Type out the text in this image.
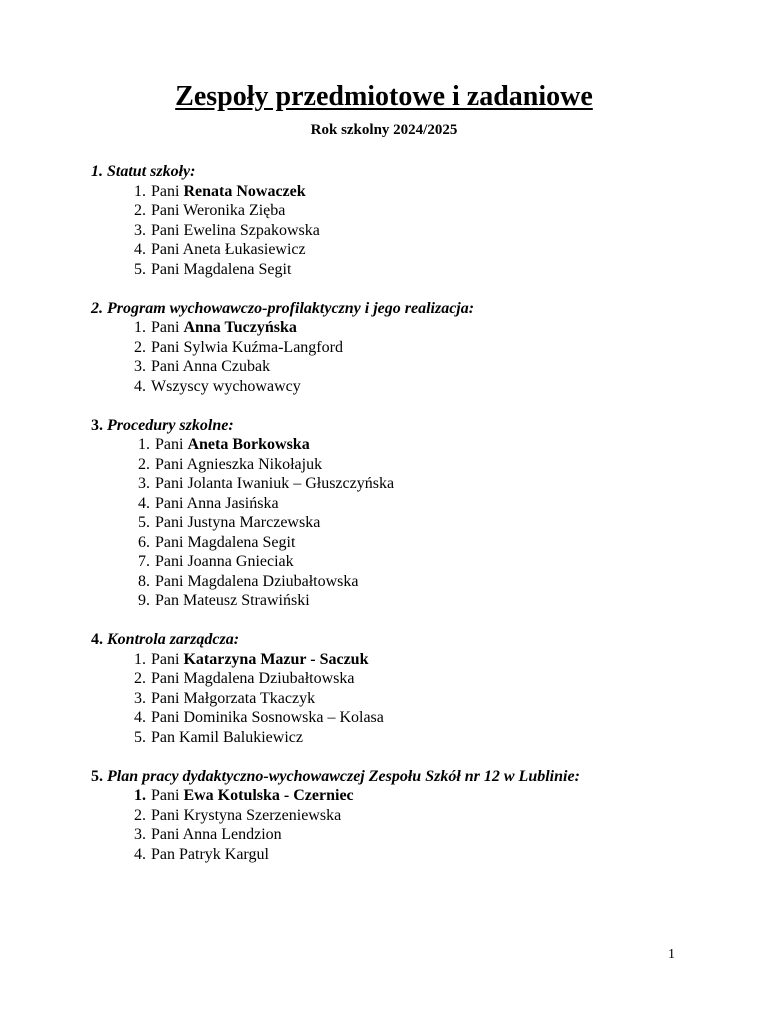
Zespoły przedmiotowe i zadaniowe

Rok szkolny 2024/2025

1. Statut szkoły:
1. Pani Renata Nowaczek
2. Pani Weronika Zięba
3. Pani Ewelina Szpakowska
4. Pani Aneta Łukasiewicz
5. Pani Magdalena Segit
2. Program wychowawczo-profilaktyczny i jego realizacja:
1. Pani Anna Tuczyńska
2. Pani Sylwia Kuźma-Langford
3. Pani Anna Czubak
4. Wszyscy wychowawcy
3. Procedury szkolne:
1. Pani Aneta Borkowska
2. Pani Agnieszka Nikołajuk
3. Pani Jolanta Iwaniuk – Głuszczyńska
4. Pani Anna Jasińska
5. Pani Justyna Marczewska
6. Pani Magdalena Segit
7. Pani Joanna Gnieciak
8. Pani Magdalena Dziubałtowska
9. Pan Mateusz Strawiński
4. Kontrola zarządcza:
1. Pani Katarzyna Mazur - Saczuk
2. Pani Magdalena Dziubałtowska
3. Pani Małgorzata Tkaczyk
4. Pani Dominika Sosnowska – Kolasa
5. Pan Kamil Balukiewicz
5. Plan pracy dydaktyczno-wychowawczej Zespołu Szkół nr 12 w Lublinie:
1. Pani Ewa Kotulska - Czerniec
2. Pani Krystyna Szerzeniewska
3. Pani Anna Lendzion
4. Pan Patryk Kargul
1
